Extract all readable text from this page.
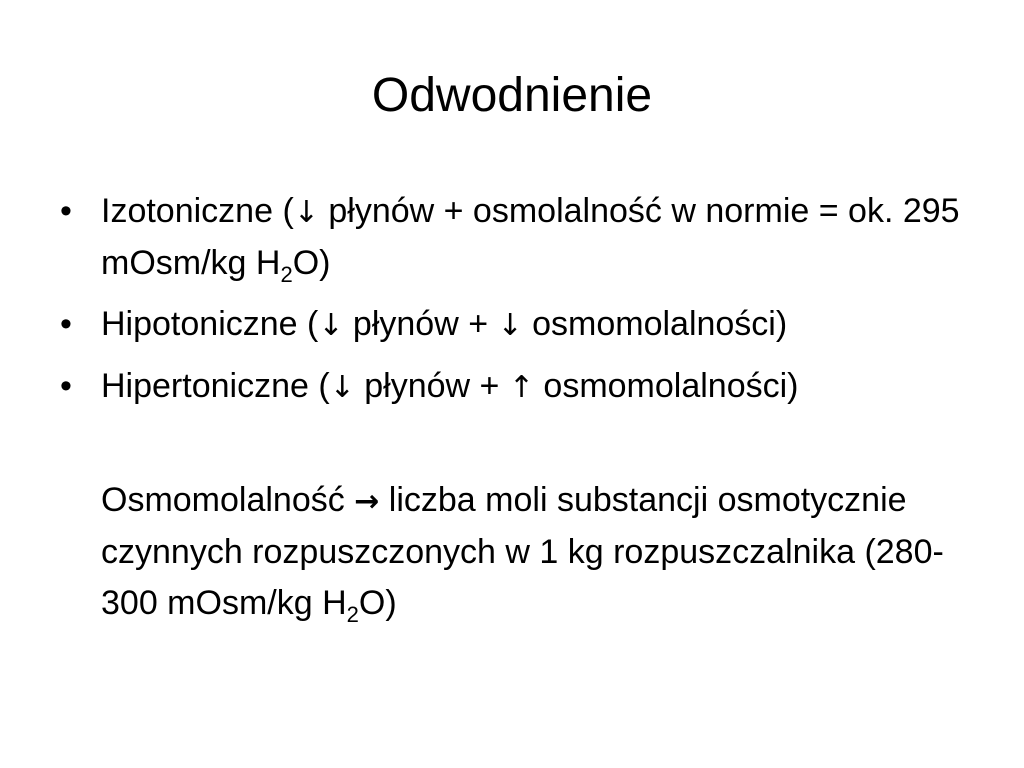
Odwodnienie
• Izotoniczne (↓ płynów + osmolalność w normie = ok. 295 mOsm/kg $H_2O$)
• Hipotoniczne (↓ płynów + ↓ osmomolalności)
• Hipertoniczne (↓ płynów + ↑ osmomolalności)
Osmomolalność → liczba moli substancji osmotycznie czynnych rozpuszczonych w 1 kg rozpuszczalnika (280-300 mOsm/kg $H_2O$)
